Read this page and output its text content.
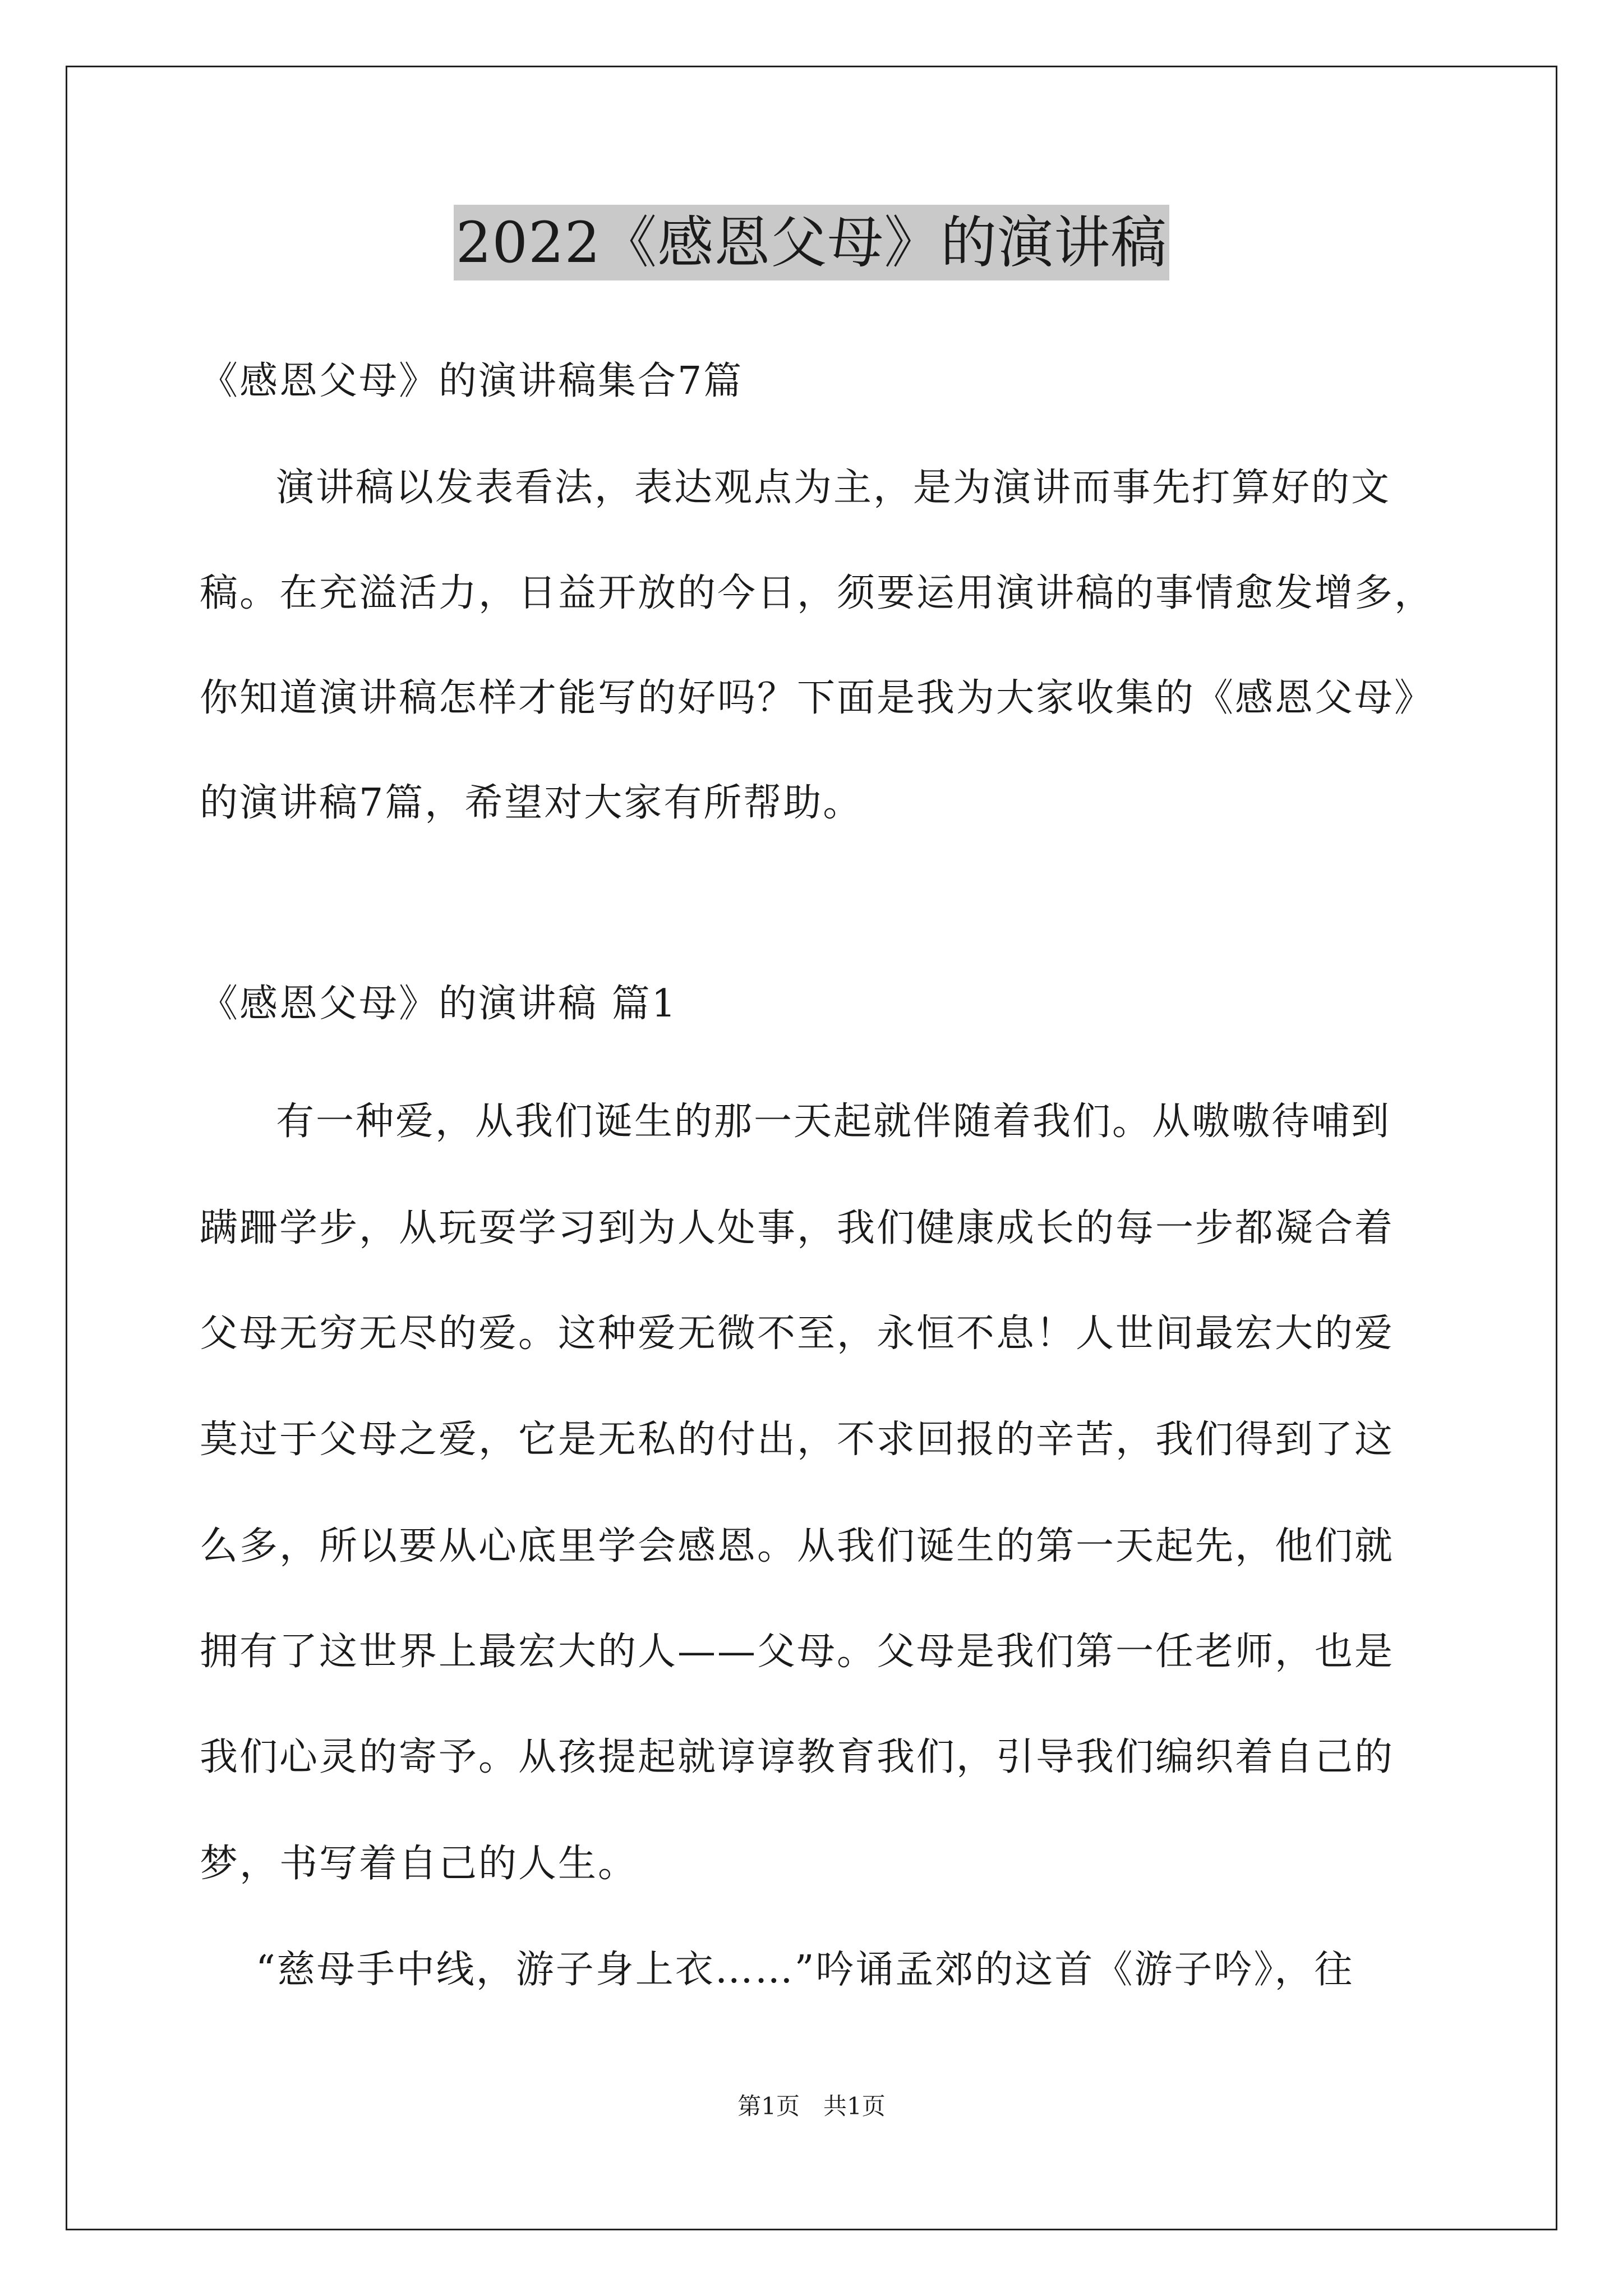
2022《感恩父母》的演讲稿
《感恩父母》的演讲稿集合7篇
演讲稿以发表看法，表达观点为主，是为演讲而事先打算好的文
稿。在充溢活力，日益开放的今日，须要运用演讲稿的事情愈发增多，
你知道演讲稿怎样才能写的好吗？下面是我为大家收集的《感恩父母》
的演讲稿7篇，希望对大家有所帮助。
《感恩父母》的演讲稿 篇1
有一种爱，从我们诞生的那一天起就伴随着我们。从嗷嗷待哺到
蹒跚学步，从玩耍学习到为人处事，我们健康成长的每一步都凝合着
父母无穷无尽的爱。这种爱无微不至，永恒不息！人世间最宏大的爱
莫过于父母之爱，它是无私的付出，不求回报的辛苦，我们得到了这
么多，所以要从心底里学会感恩。从我们诞生的第一天起先，他们就
拥有了这世界上最宏大的人——父母。父母是我们第一任老师，也是
我们心灵的寄予。从孩提起就谆谆教育我们，引导我们编织着自己的
梦，书写着自己的人生。
“慈母手中线，游子身上衣……”吟诵孟郊的这首《游子吟》，往
第1页　共1页
